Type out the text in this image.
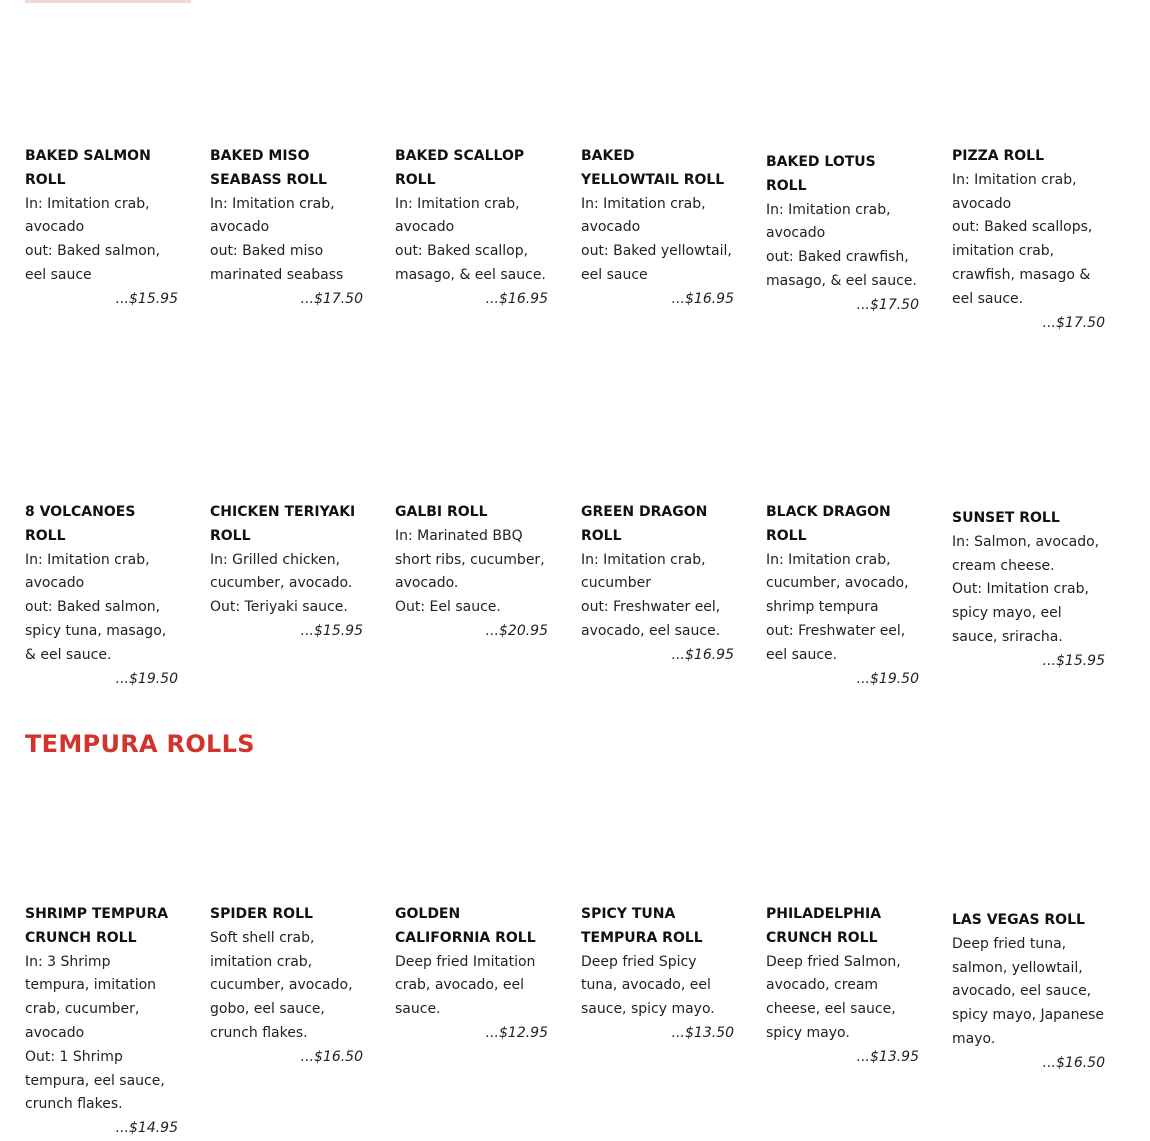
TEMPURA ROLLS
BAKED SALMON ROLL
In: Imitation crab, avocado
out: Baked salmon, eel sauce
...$15.95
BAKED MISO SEABASS ROLL
In: Imitation crab, avocado
out: Baked miso marinated seabass
...$17.50
BAKED SCALLOP ROLL
In: Imitation crab, avocado
out: Baked scallop, masago, & eel sauce.
...$16.95
BAKED YELLOWTAIL ROLL
In: Imitation crab, avocado
out: Baked yellowtail, eel sauce
...$16.95
BAKED LOTUS ROLL
In: Imitation crab, avocado
out: Baked crawfish, masago, & eel sauce.
...$17.50
PIZZA ROLL
In: Imitation crab, avocado
out: Baked scallops, imitation crab, crawfish, masago & eel sauce.
...$17.50
8 VOLCANOES ROLL
In: Imitation crab, avocado
out: Baked salmon, spicy tuna, masago, & eel sauce.
...$19.50
CHICKEN TERIYAKI ROLL
In: Grilled chicken, cucumber, avocado.
Out: Teriyaki sauce.
...$15.95
GALBI ROLL
In: Marinated BBQ short ribs, cucumber, avocado.
Out: Eel sauce.
...$20.95
GREEN DRAGON ROLL
In: Imitation crab, cucumber
out: Freshwater eel, avocado, eel sauce.
...$16.95
BLACK DRAGON ROLL
In: Imitation crab, cucumber, avocado, shrimp tempura
out: Freshwater eel, eel sauce.
...$19.50
SUNSET ROLL
In: Salmon, avocado, cream cheese.
Out: Imitation crab, spicy mayo, eel sauce, sriracha.
...$15.95
SHRIMP TEMPURA CRUNCH ROLL
In: 3 Shrimp tempura, imitation crab, cucumber, avocado
Out: 1 Shrimp tempura, eel sauce, crunch flakes.
...$14.95
SPIDER ROLL
Soft shell crab, imitation crab, cucumber, avocado, gobo, eel sauce, crunch flakes.
...$16.50
GOLDEN CALIFORNIA ROLL
Deep fried Imitation crab, avocado, eel sauce.
...$12.95
SPICY TUNA TEMPURA ROLL
Deep fried Spicy tuna, avocado, eel sauce, spicy mayo.
...$13.50
PHILADELPHIA CRUNCH ROLL
Deep fried Salmon, avocado, cream cheese, eel sauce, spicy mayo.
...$13.95
LAS VEGAS ROLL
Deep fried tuna, salmon, yellowtail, avocado, eel sauce, spicy mayo, Japanese mayo.
...$16.50
